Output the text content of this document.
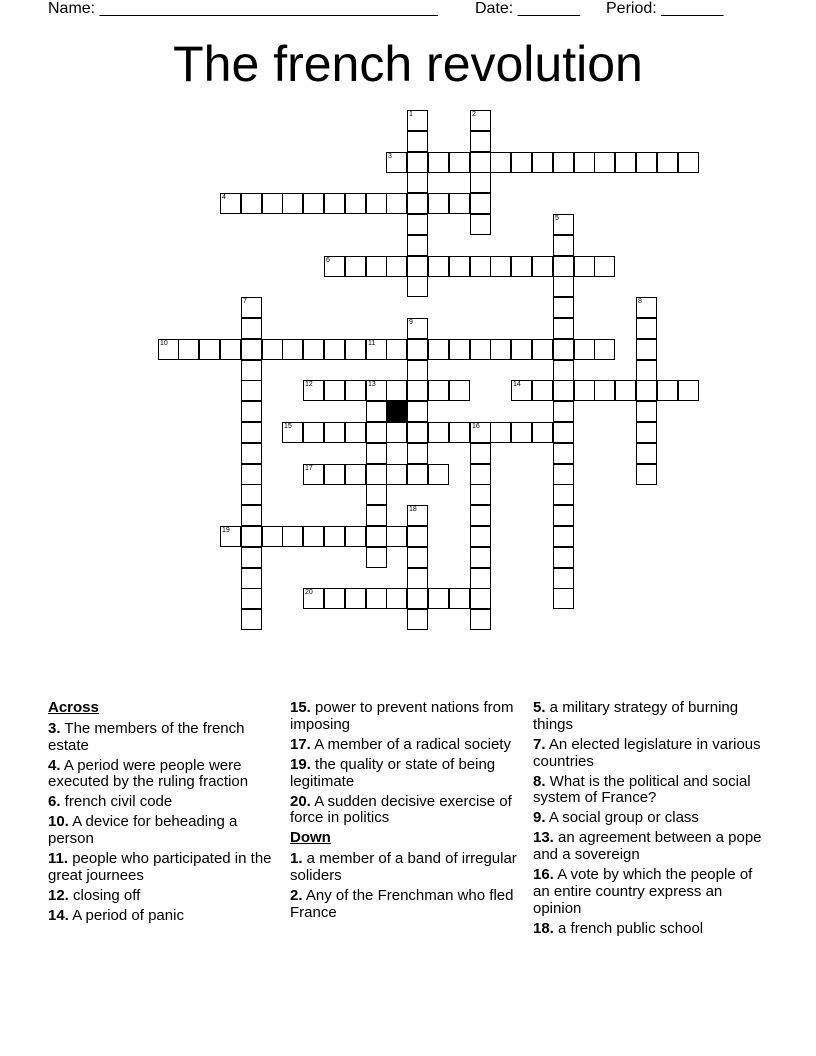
Name: ______________________________________ Date: _______ Period: _______
The french revolution
1	2
3
4
5
6
7	8
9
10	11
12	13	14
15	16
17
18
19
20
Across
3. The members of the french estate
4. A period were people were executed by the ruling fraction
6. french civil code
10. A device for beheading a person
11. people who participated in the great journees
12. closing off
14. A period of panic
15. power to prevent nations from imposing
17. A member of a radical society
19. the quality or state of being legitimate
20. A sudden decisive exercise of force in politics
Down
1. a member of a band of irregular soliders
2. Any of the Frenchman who fled France
5. a military strategy of burning things
7. An elected legislature in various countries
8. What is the political and social system of France?
9. A social group or class
13. an agreement between a pope and a sovereign
16. A vote by which the people of an entire country express an opinion
18. a french public school
